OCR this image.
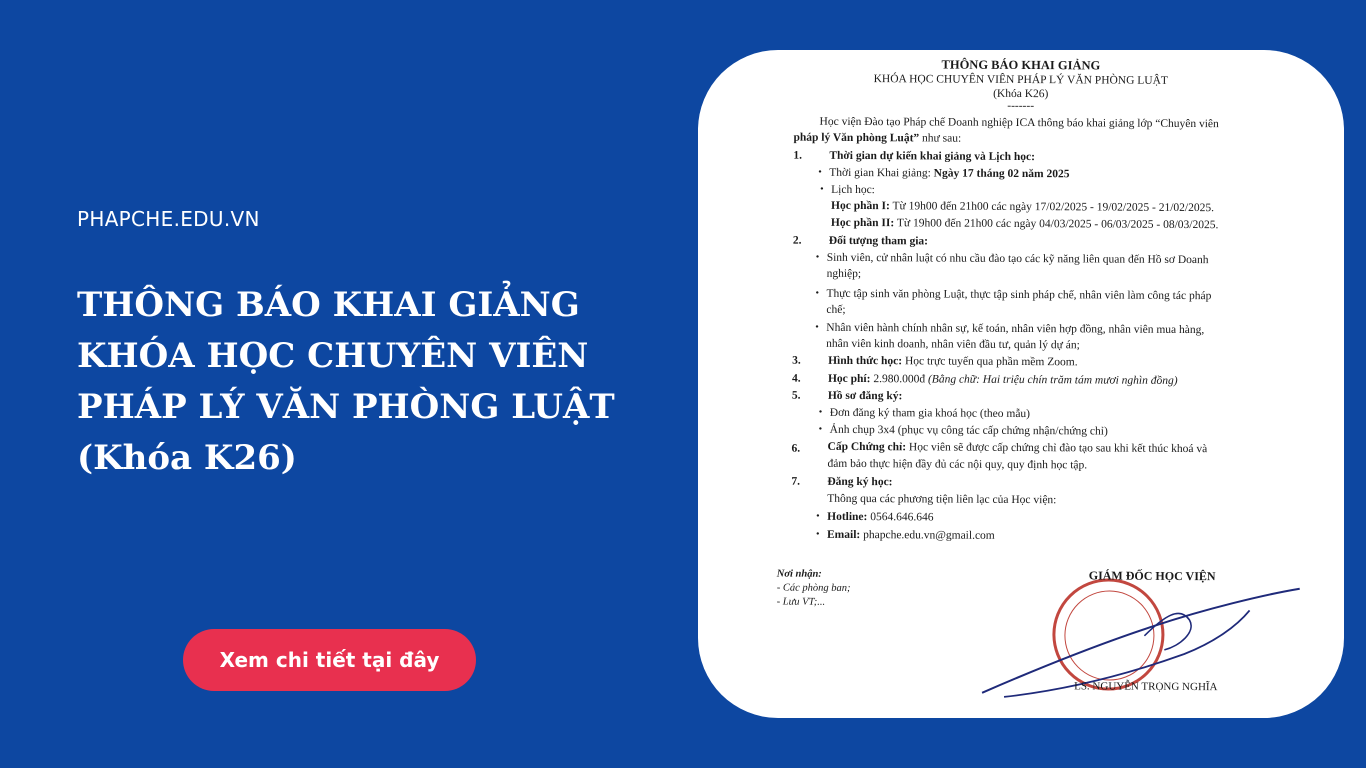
PHAPCHE.EDU.VN
THÔNG BÁO KHAI GIẢNG
KHÓA HỌC CHUYÊN VIÊN
PHÁP LÝ VĂN PHÒNG LUẬT
(Khóa K26)
Xem chi tiết tại đây
THÔNG BÁO KHAI GIẢNG
KHÓA HỌC CHUYÊN VIÊN PHÁP LÝ VĂN PHÒNG LUẬT
(Khóa K26)
-------
Học viện Đào tạo Pháp chế Doanh nghiệp ICA thông báo khai giảng lớp “Chuyên viên
pháp lý Văn phòng Luật” như sau:
1. Thời gian dự kiến khai giảng và Lịch học:
• Thời gian Khai giảng: Ngày 17 tháng 02 năm 2025
• Lịch học:
Học phần I: Từ 19h00 đến 21h00 các ngày 17/02/2025 - 19/02/2025 - 21/02/2025.
Học phần II: Từ 19h00 đến 21h00 các ngày 04/03/2025 - 06/03/2025 - 08/03/2025.
2. Đối tượng tham gia:
• Sinh viên, cử nhân luật có nhu cầu đào tạo các kỹ năng liên quan đến Hồ sơ Doanh
nghiệp;
• Thực tập sinh văn phòng Luật, thực tập sinh pháp chế, nhân viên làm công tác pháp
chế;
• Nhân viên hành chính nhân sự, kế toán, nhân viên hợp đồng, nhân viên mua hàng,
nhân viên kinh doanh, nhân viên đầu tư, quản lý dự án;
3. Hình thức học: Học trực tuyến qua phần mềm Zoom.
4. Học phí: 2.980.000đ (Bằng chữ: Hai triệu chín trăm tám mươi nghìn đồng)
5. Hồ sơ đăng ký:
• Đơn đăng ký tham gia khoá học (theo mẫu)
• Ảnh chụp 3x4 (phục vụ công tác cấp chứng nhận/chứng chỉ)
6. Cấp Chứng chỉ: Học viên sẽ được cấp chứng chỉ đào tạo sau khi kết thúc khoá và
đảm bảo thực hiện đầy đủ các nội quy, quy định học tập.
7. Đăng ký học:
Thông qua các phương tiện liên lạc của Học viện:
• Hotline: 0564.646.646
• Email: phapche.edu.vn@gmail.com
Nơi nhận:
- Các phòng ban;
- Lưu VT;...
GIÁM ĐỐC HỌC VIỆN
LS. NGUYỄN TRỌNG NGHĨA
